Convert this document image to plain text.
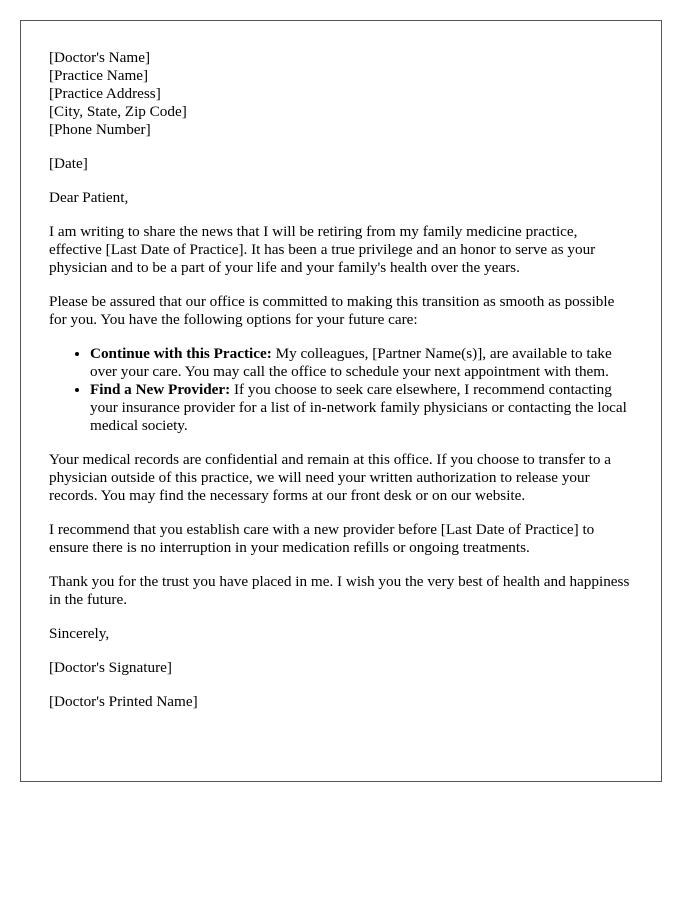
[Doctor's Name]
[Practice Name]
[Practice Address]
[City, State, Zip Code]
[Phone Number]

[Date]

Dear Patient,

I am writing to share the news that I will be retiring from my family medicine practice, effective [Last Date of Practice]. It has been a true privilege and an honor to serve as your physician and to be a part of your life and your family's health over the years.

Please be assured that our office is committed to making this transition as smooth as possible for you. You have the following options for your future care:

• Continue with this Practice: My colleagues, [Partner Name(s)], are available to take over your care. You may call the office to schedule your next appointment with them.
• Find a New Provider: If you choose to seek care elsewhere, I recommend contacting your insurance provider for a list of in-network family physicians or contacting the local medical society.

Your medical records are confidential and remain at this office. If you choose to transfer to a physician outside of this practice, we will need your written authorization to release your records. You may find the necessary forms at our front desk or on our website.

I recommend that you establish care with a new provider before [Last Date of Practice] to ensure there is no interruption in your medication refills or ongoing treatments.

Thank you for the trust you have placed in me. I wish you the very best of health and happiness in the future.

Sincerely,

[Doctor's Signature]

[Doctor's Printed Name]
